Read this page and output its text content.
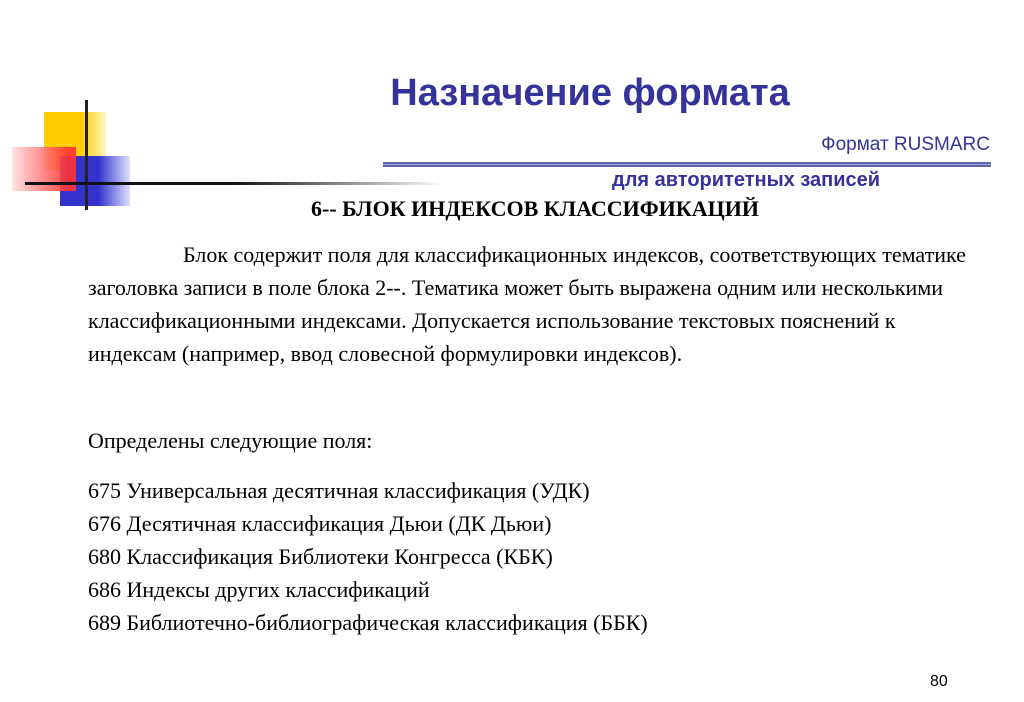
Назначение формата
Формат RUSMARC
для авторитетных записей
6-- БЛОК ИНДЕКСОВ КЛАССИФИКАЦИЙ
Блок содержит поля для классификационных индексов, соответствующих тематике заголовка записи в поле блока 2--. Тематика может быть выражена одним или несколькими классификационными индексами. Допускается использование текстовых пояснений к индексам (например, ввод словесной формулировки индексов).
Определены следующие поля:
675 Универсальная десятичная классификация (УДК)
676 Десятичная классификация Дьюи (ДК Дьюи)
680 Классификация Библиотеки Конгресса (КБК)
686 Индексы других классификаций
689 Библиотечно-библиографическая классификация (ББК)
80
